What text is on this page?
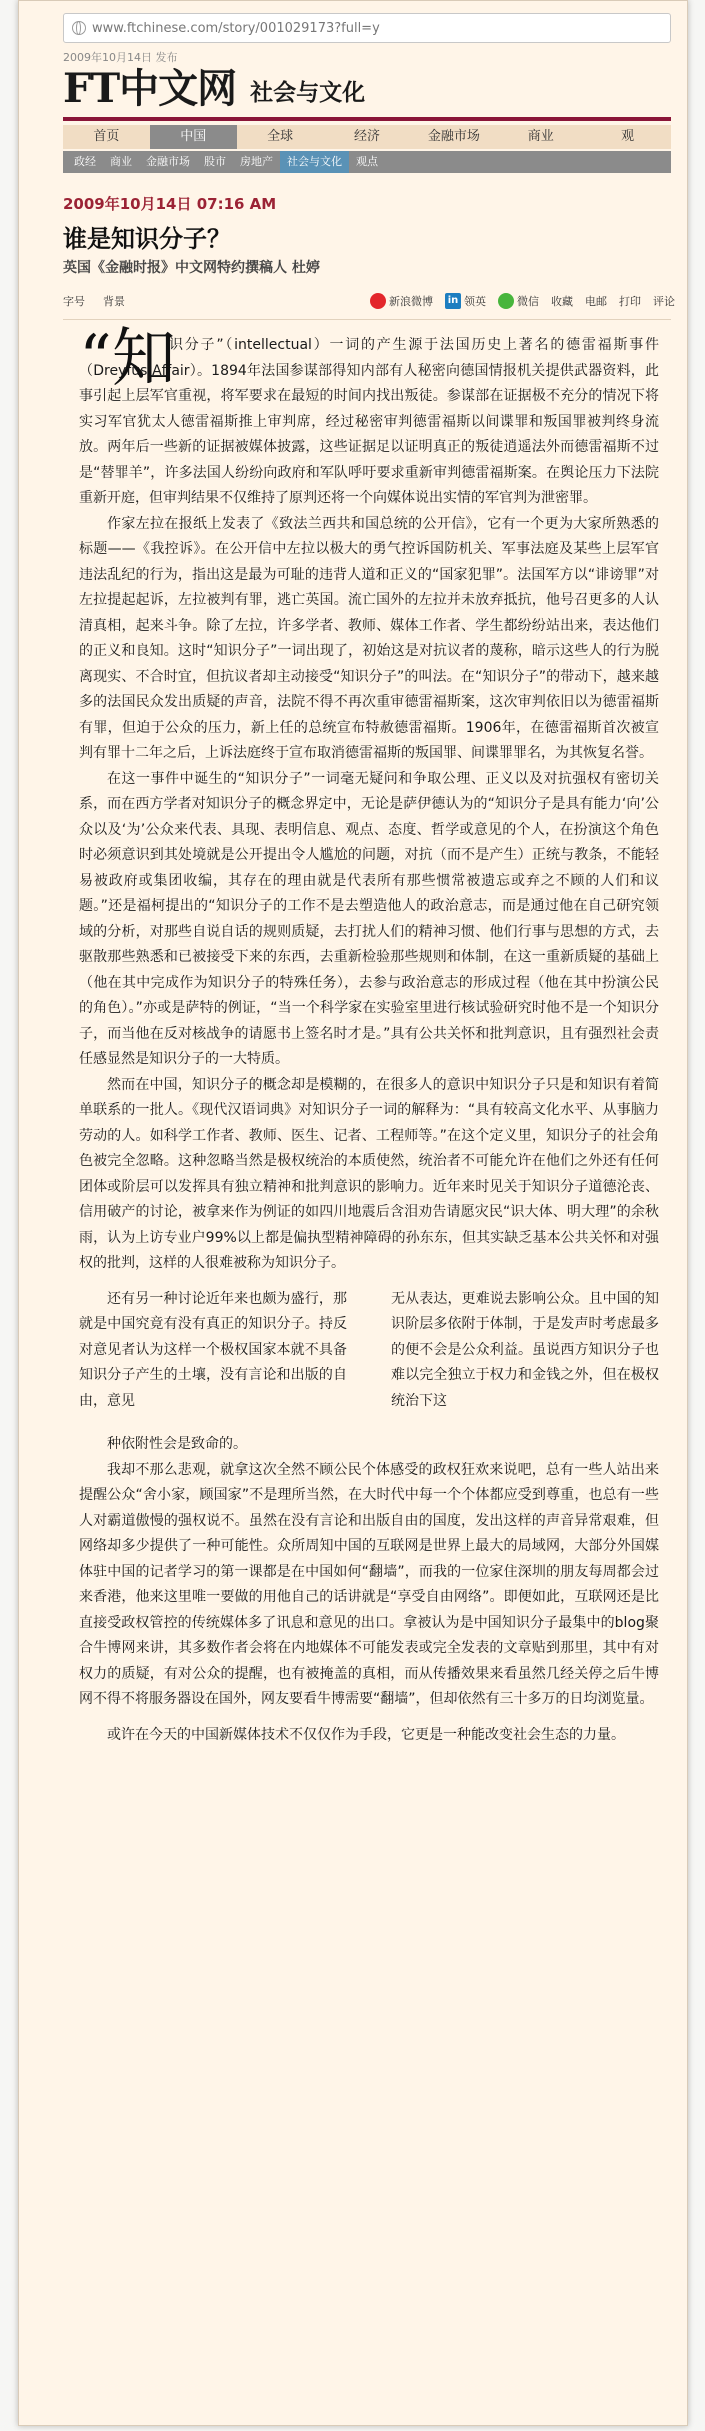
www.ftchinese.com/story/001029173?full=y
2009年10月14日 发布
FT中文网 社会与文化
首页	中国	全球	经济	金融市场	商业	观
政经	商业	金融市场	股市	房地产	社会与文化	观点
2009年10月14日 07:16 AM
谁是知识分子？
英国《金融时报》中文网特约撰稿人 杜婷
字号	背景	新浪微博 in 领英	微信 收藏 电邮 打印 评论
“知

识分子”（intellectual）一词的产生源于法国历史上著名的德雷福斯事件（Dreyfus Affair）。1894年法国参谋部得知内部有人秘密向德国情报机关提供武器资料，此事引起上层军官重视，将军要求在最短的时间内找出叛徒。参谋部在证据极不充分的情况下将实习军官犹太人德雷福斯推上审判席，经过秘密审判德雷福斯以间谍罪和叛国罪被判终身流放。两年后一些新的证据被媒体披露，这些证据足以证明真正的叛徒逍遥法外而德雷福斯不过是“替罪羊”，许多法国人纷纷向政府和军队呼吁要求重新审判德雷福斯案。在舆论压力下法院重新开庭，但审判结果不仅维持了原判还将一个向媒体说出实情的军官判为泄密罪。

作家左拉在报纸上发表了《致法兰西共和国总统的公开信》，它有一个更为大家所熟悉的标题——《我控诉》。在公开信中左拉以极大的勇气控诉国防机关、军事法庭及某些上层军官违法乱纪的行为，指出这是最为可耻的违背人道和正义的“国家犯罪”。法国军方以“诽谤罪”对左拉提起起诉，左拉被判有罪，逃亡英国。流亡国外的左拉并未放弃抵抗，他号召更多的人认清真相，起来斗争。除了左拉，许多学者、教师、媒体工作者、学生都纷纷站出来，表达他们的正义和良知。这时“知识分子”一词出现了，初始这是对抗议者的蔑称，暗示这些人的行为脱离现实、不合时宜，但抗议者却主动接受“知识分子”的叫法。在“知识分子”的带动下，越来越多的法国民众发出质疑的声音，法院不得不再次重审德雷福斯案，这次审判依旧以为德雷福斯有罪，但迫于公众的压力，新上任的总统宣布特赦德雷福斯。1906年，在德雷福斯首次被宣判有罪十二年之后，上诉法庭终于宣布取消德雷福斯的叛国罪、间谍罪罪名，为其恢复名誉。

在这一事件中诞生的“知识分子”一词毫无疑问和争取公理、正义以及对抗强权有密切关系，而在西方学者对知识分子的概念界定中，无论是萨伊德认为的“知识分子是具有能力‘向’公众以及‘为’公众来代表、具现、表明信息、观点、态度、哲学或意见的个人，在扮演这个角色时必须意识到其处境就是公开提出令人尴尬的问题，对抗（而不是产生）正统与教条，不能轻易被政府或集团收编，其存在的理由就是代表所有那些惯常被遗忘或弃之不顾的人们和议题。”还是福柯提出的“知识分子的工作不是去塑造他人的政治意志，而是通过他在自己研究领域的分析，对那些自说自话的规则质疑，去打扰人们的精神习惯、他们行事与思想的方式，去驱散那些熟悉和已被接受下来的东西，去重新检验那些规则和体制，在这一重新质疑的基础上（他在其中完成作为知识分子的特殊任务），去参与政治意志的形成过程（他在其中扮演公民的角色）。”亦或是萨特的例证，“当一个科学家在实验室里进行核试验研究时他不是一个知识分子，而当他在反对核战争的请愿书上签名时才是。”具有公共关怀和批判意识，且有强烈社会责任感显然是知识分子的一大特质。

然而在中国，知识分子的概念却是模糊的，在很多人的意识中知识分子只是和知识有着简单联系的一批人。《现代汉语词典》对知识分子一词的解释为：“具有较高文化水平、从事脑力劳动的人。如科学工作者、教师、医生、记者、工程师等。”在这个定义里，知识分子的社会角色被完全忽略。这种忽略当然是极权统治的本质使然，统治者不可能允许在他们之外还有任何团体或阶层可以发挥具有独立精神和批判意识的影响力。近年来时见关于知识分子道德沦丧、信用破产的讨论，被拿来作为例证的如四川地震后含泪劝告请愿灾民“识大体、明大理”的余秋雨，认为上访专业户99%以上都是偏执型精神障碍的孙东东，但其实缺乏基本公共关怀和对强权的批判，这样的人很难被称为知识分子。

还有另一种讨论近年来也颇为盛行，那就是中国究竟有没有真正的知识分子。持反对意见者认为这样一个极权国家本就不具备知识分子产生的土壤，没有言论和出版的自由，意见

无从表达，更难说去影响公众。且中国的知识阶层多依附于体制，于是发声时考虑最多的便不会是公众利益。虽说西方知识分子也难以完全独立于权力和金钱之外，但在极权统治下这

种依附性会是致命的。

我却不那么悲观，就拿这次全然不顾公民个体感受的政权狂欢来说吧，总有一些人站出来提醒公众“舍小家，顾国家”不是理所当然，在大时代中每一个个体都应受到尊重，也总有一些人对霸道傲慢的强权说不。虽然在没有言论和出版自由的国度，发出这样的声音异常艰难，但网络却多少提供了一种可能性。众所周知中国的互联网是世界上最大的局域网，大部分外国媒体驻中国的记者学习的第一课都是在中国如何“翻墙”，而我的一位家住深圳的朋友每周都会过来香港，他来这里唯一要做的用他自己的话讲就是“享受自由网络”。即便如此，互联网还是比直接受政权管控的传统媒体多了讯息和意见的出口。拿被认为是中国知识分子最集中的blog聚合牛博网来讲，其多数作者会将在内地媒体不可能发表或完全发表的文章贴到那里，其中有对权力的质疑，有对公众的提醒，也有被掩盖的真相，而从传播效果来看虽然几经关停之后牛博网不得不将服务器设在国外，网友要看牛博需要“翻墙”，但却依然有三十多万的日均浏览量。

或许在今天的中国新媒体技术不仅仅作为手段，它更是一种能改变社会生态的力量。
